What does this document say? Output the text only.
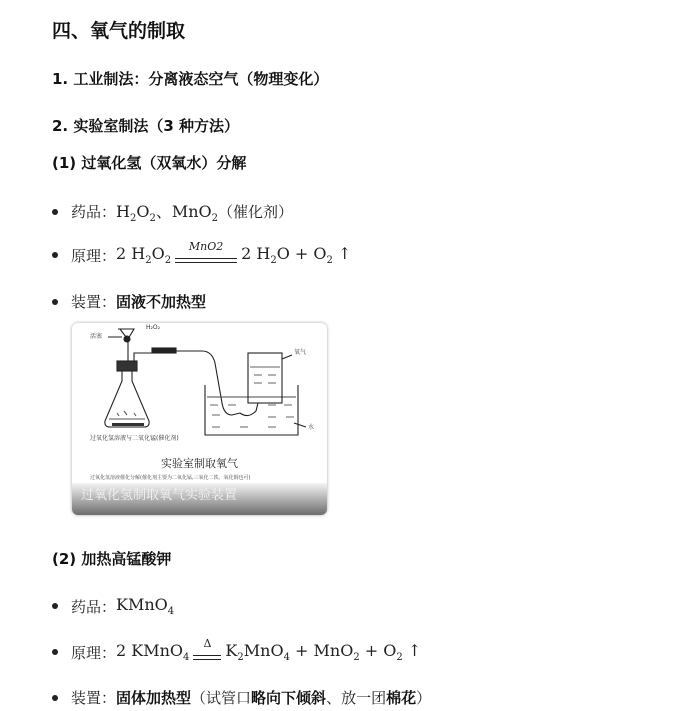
四、氧气的制取
1. 工业制法：分离液态空气（物理变化）
2. 实验室制法（3 种方法）
(1) 过氧化氢（双氧水）分解
药品： $H_2O_2$、MnO$_2$ （催化剂）
原理： 2 $H_2O_2$
MnO2	2 $H_2O + O_2$ ↑
装置： 固液不加热型
活塞
H₂O₂
氧气
水
过氧化氢溶液与二氧化锰(催化剂)
实验室制取氧气
过氧化氢溶液催化分解(催化剂主要为二氧化锰,三氧化二铁、氧化铜也可)
过氧化氢制取氧气实验装置
(2) 加热高锰酸钾
药品： KMnO$_4$
原理： 2 KMnO$_4$
Δ $K_2MnO_4 + MnO_2 + O_2$ ↑
装置： 固体加热型 （试管口 略向下倾斜 、放一团 棉花 ）
